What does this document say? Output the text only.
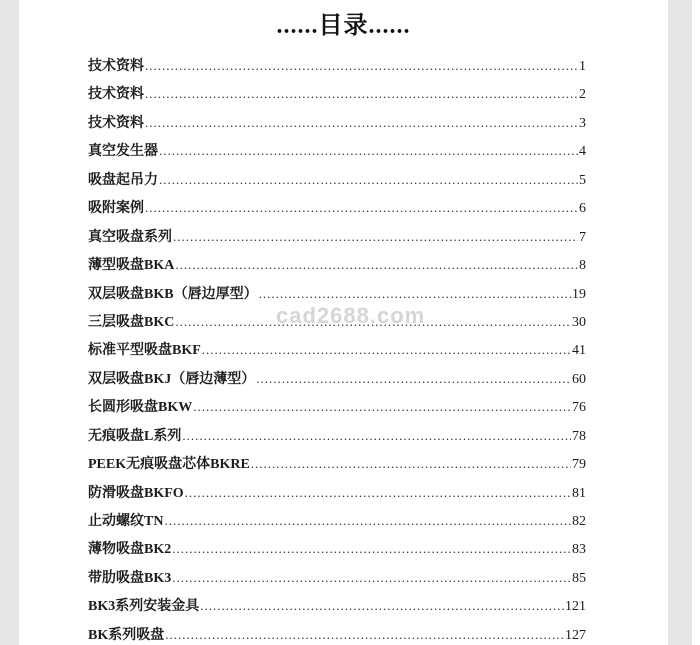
......目录......
cad2688.com
技术资料 .....	1
技术资料 .....	2
技术资料 .....	3
真空发生器 .....	4
吸盘起吊力 .....	5
吸附案例 .....	6
真空吸盘系列 .....	7
薄型吸盘BKA .....	8
双层吸盘BKB（唇边厚型） .....	19
三层吸盘BKC .....	30
标准平型吸盘BKF .....	41
双层吸盘BKJ（唇边薄型） .....	60
长圆形吸盘BKW .....	76
无痕吸盘L系列 .....	78
PEEK无痕吸盘芯体BKRE .....	79
防滑吸盘BKFO .....	81
止动螺纹TN .....	82
薄物吸盘BK2 .....	83
带肋吸盘BK3 .....	85
BK3系列安装金具 .....	121
BK系列吸盘 .....	127
